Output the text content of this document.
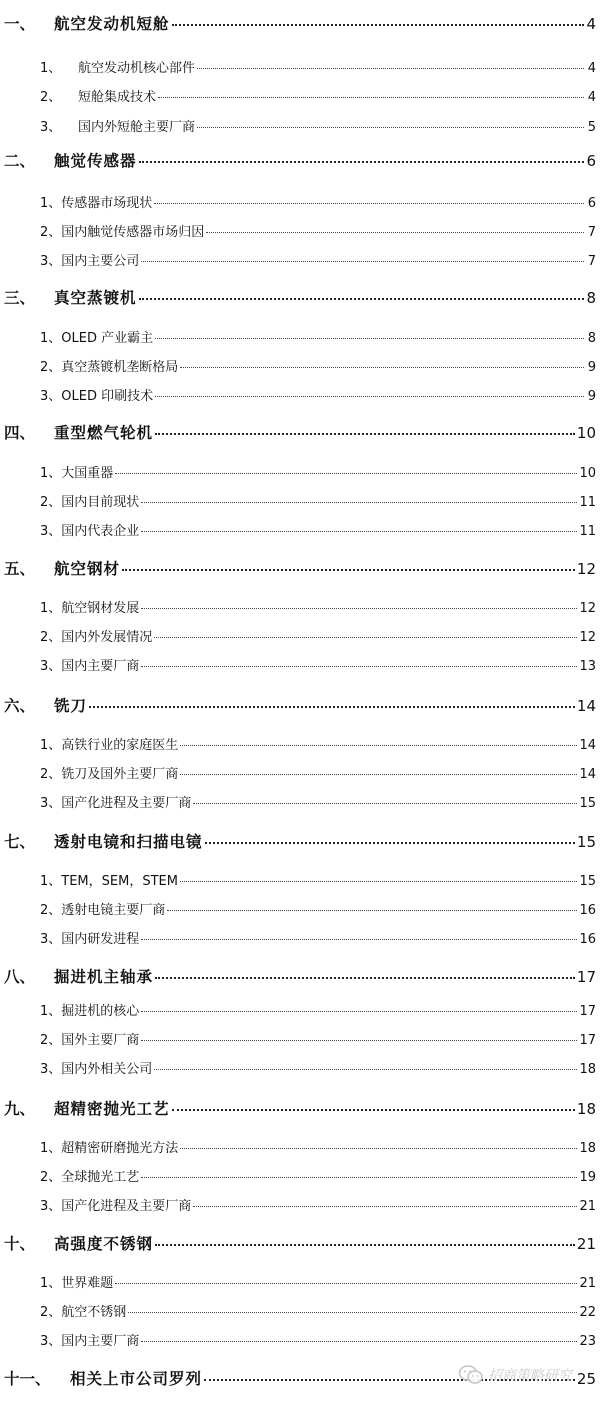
一、	航空发动机短舱	4
1、	航空发动机核心部件	4
2、	短舱集成技术	4
3、	国内外短舱主要厂商	5
二、	触觉传感器	6
1、 传感器市场现状	6
2、 国内触觉传感器市场归因	7
3、 国内主要公司	7
三、	真空蒸镀机	8
1、 OLED 产业霸主	8
2、 真空蒸镀机垄断格局	9
3、 OLED 印刷技术	9
四、	重型燃气轮机	10
1、 大国重器	10
2、 国内目前现状	11
3、 国内代表企业	11
五、	航空钢材	12
1、 航空钢材发展	12
2、 国内外发展情况	12
3、 国内主要厂商	13
六、	铣刀	14
1、 高铁行业的家庭医生	14
2、 铣刀及国外主要厂商	14
3、 国产化进程及主要厂商	15
七、	透射电镜和扫描电镜	15
1、 TEM，SEM，STEM	15
2、 透射电镜主要厂商	16
3、 国内研发进程	16
八、	掘进机主轴承	17
1、 掘进机的核心	17
2、 国外主要厂商	17
3、 国内外相关公司	18
九、	超精密抛光工艺	18
1、 超精密研磨抛光方法	18
2、 全球抛光工艺	19
3、 国产化进程及主要厂商	21
十、	高强度不锈钢	21
1、 世界难题	21
2、 航空不锈钢	22
3、 国内主要厂商	23
十一、	相关上市公司罗列	25
招商策略研究
